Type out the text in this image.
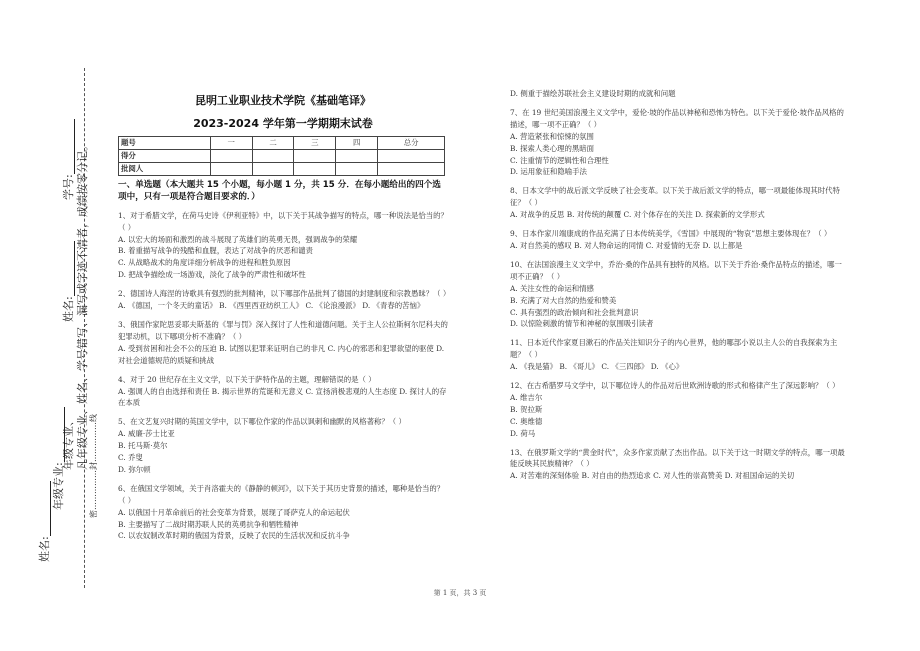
学号:
姓名:
年级专业、 凡年级专业、姓名、学号错写、漏写或字迹不清者，成绩按零分记。 密……………封……………线
年级专业:
姓名:
昆明工业职业技术学院《基础笔译》
2023-2024 学年第一学期期末试卷
题号	一	二	三	四	总分
得分					
批阅人					
一、单选题（本大题共 15 个小题，每小题 1 分，共 15 分．在每小题给出的四个选项中，只有一项是符合题目要求的．）

1、对于希腊文学，在荷马史诗《伊利亚特》中，以下关于其战争描写的特点，哪一种说法是恰当的？（ ）

A. 以宏大的场面和激烈的战斗展现了英雄们的英勇无畏，强调战争的荣耀

B. 着重描写战争的残酷和血腥，表达了对战争的厌恶和谴责

C. 从战略战术的角度详细分析战争的进程和胜负原因

D. 把战争描绘成一场游戏，淡化了战争的严肃性和破坏性

2、德国诗人海涅的诗歌具有强烈的批判精神，以下哪部作品批判了德国的封建制度和宗教愚昧？（ ）

A. 《德国，一个冬天的童话》 B. 《西里西亚纺织工人》 C. 《论浪漫派》 D. 《青春的苦恼》

3、俄国作家陀思妥耶夫斯基的《罪与罚》深入探讨了人性和道德问题。关于主人公拉斯柯尔尼科夫的犯罪动机，以下哪项分析不准确？（ ）

A. 受到贫困和社会不公的压迫 B. 试图以犯罪来证明自己的非凡 C. 内心的邪恶和犯罪欲望的驱使 D. 对社会道德规范的质疑和挑战

4、对于 20 世纪存在主义文学，以下关于萨特作品的主题，理解错误的是（ ）

A. 强调人的自由选择和责任 B. 揭示世界的荒诞和无意义 C. 宣扬消极悲观的人生态度 D. 探讨人的存在本质

5、在文艺复兴时期的英国文学中，以下哪位作家的作品以讽刺和幽默的风格著称？（ ）

A. 威廉·莎士比亚

B. 托马斯·莫尔

C. 乔叟

D. 弥尔顿

6、在俄国文学领域，关于肖洛霍夫的《静静的顿河》，以下关于其历史背景的描述，哪种是恰当的？（ ）

A. 以俄国十月革命前后的社会变革为背景，展现了哥萨克人的命运起伏

B. 主要描写了二战时期苏联人民的英勇抗争和牺牲精神

C. 以农奴制改革时期的俄国为背景，反映了农民的生活状况和反抗斗争

D. 侧重于描绘苏联社会主义建设时期的成就和问题

7、在 19 世纪美国浪漫主义文学中，爱伦·坡的作品以神秘和恐怖为特色。以下关于爱伦·坡作品风格的描述，哪一项不正确？（ ）

A. 营造紧张和惊悚的氛围

B. 探索人类心理的黑暗面

C. 注重情节的逻辑性和合理性

D. 运用象征和隐喻手法

8、日本文学中的战后派文学反映了社会变革。以下关于战后派文学的特点，哪一项最能体现其时代特征？（ ）

A. 对战争的反思 B. 对传统的颠覆 C. 对个体存在的关注 D. 探索新的文学形式

9、日本作家川端康成的作品充满了日本传统美学，《雪国》中展现的“物哀”思想主要体现在？（ ）

A. 对自然美的感叹 B. 对人物命运的同情 C. 对爱情的无奈 D. 以上都是

10、在法国浪漫主义文学中，乔治·桑的作品具有独特的风格。以下关于乔治·桑作品特点的描述，哪一项不正确？（ ）

A. 关注女性的命运和情感

B. 充满了对大自然的热爱和赞美

C. 具有强烈的政治倾向和社会批判意识

D. 以惊险刺激的情节和神秘的氛围吸引读者

11、日本近代作家夏目漱石的作品关注知识分子的内心世界，他的哪部小说以主人公的自我探索为主题？（ ）

A. 《我是猫》 B. 《哥儿》 C. 《三四郎》 D. 《心》

12、在古希腊罗马文学中，以下哪位诗人的作品对后世欧洲诗歌的形式和格律产生了深远影响？（ ）

A. 维吉尔

B. 贺拉斯

C. 奥维德

D. 荷马

13、在俄罗斯文学的“黄金时代”，众多作家贡献了杰出作品。以下关于这一时期文学的特点，哪一项最能反映其民族精神？（ ）

A. 对苦难的深刻体验 B. 对自由的热烈追求 C. 对人性的崇高赞美 D. 对祖国命运的关切

第 1 页，共 3 页
